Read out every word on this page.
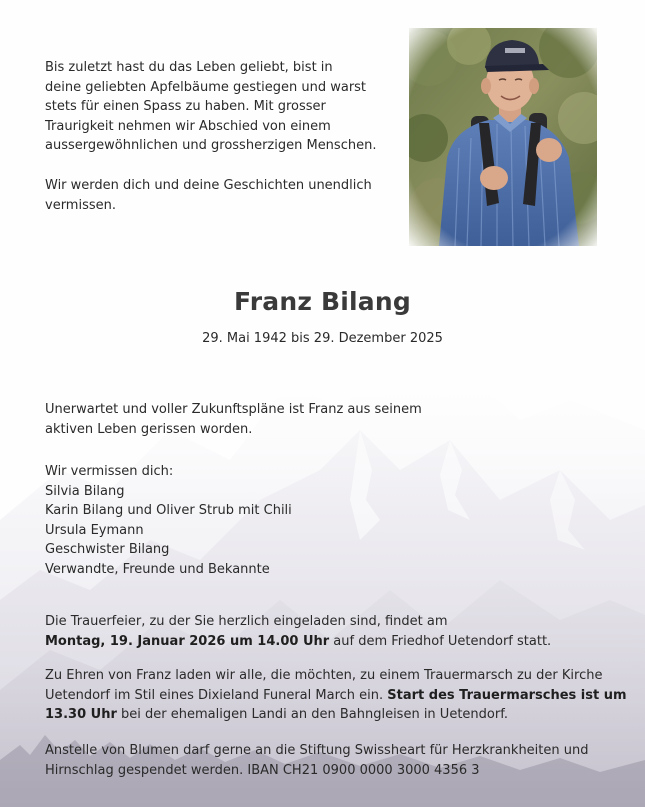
Bis zuletzt hast du das Leben geliebt, bist in

deine geliebten Apfelbäume gestiegen und warst

stets für einen Spass zu haben. Mit grosser

Traurigkeit nehmen wir Abschied von einem

aussergewöhnlichen und grossherzigen Menschen.

Wir werden dich und deine Geschichten unendlich

vermissen.

Franz Bilang
29. Mai 1942 bis 29. Dezember 2025

Unerwartet und voller Zukunftspläne ist Franz aus seinem

aktiven Leben gerissen worden.

Wir vermissen dich:

Silvia Bilang

Karin Bilang und Oliver Strub mit Chili

Ursula Eymann

Geschwister Bilang

Verwandte, Freunde und Bekannte

Die Trauerfeier, zu der Sie herzlich eingeladen sind, findet am

Montag, 19. Januar 2026 um 14.00 Uhr auf dem Friedhof Uetendorf statt.

Zu Ehren von Franz laden wir alle, die möchten, zu einem Trauermarsch zu der Kirche

Uetendorf im Stil eines Dixieland Funeral March ein. Start des Trauermarsches ist um

13.30 Uhr bei der ehemaligen Landi an den Bahngleisen in Uetendorf.

Anstelle von Blumen darf gerne an die Stiftung Swissheart für Herzkrankheiten und

Hirnschlag gespendet werden. IBAN CH21 0900 0000 3000 4356 3
